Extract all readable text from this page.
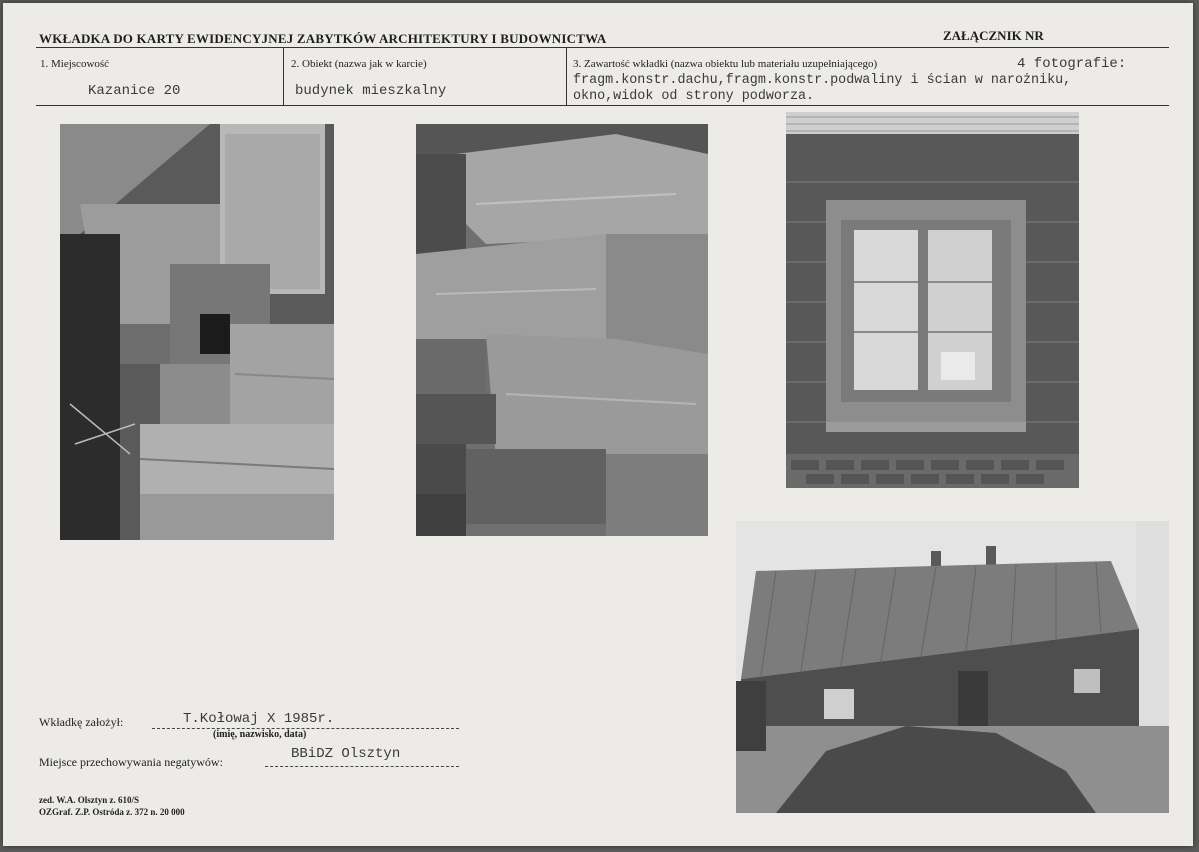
WKŁADKA DO KARTY EWIDENCYJNEJ ZABYTKÓW ARCHITEKTURY I BUDOWNICTWA	ZAŁĄCZNIK NR
1. Miejscowość
Kazanice 20
2. Obiekt (nazwa jak w karcie)
budynek mieszkalny
3. Zawartość wkładki (nazwa obiektu lub materiału uzupełniającego)	4 fotografie:
fragm.konstr.dachu,fragm.konstr.podwaliny i ścian w narożniku,
okno,widok od strony podworza.
Wkładkę założył:	T.Kołowaj X 1985r.
(imię, nazwisko, data)
Miejsce przechowywania negatywów:	BBiDZ Olsztyn
zed. W.A. Olsztyn z. 610/S
OZGraf. Z.P. Ostróda z. 372 n. 20 000
